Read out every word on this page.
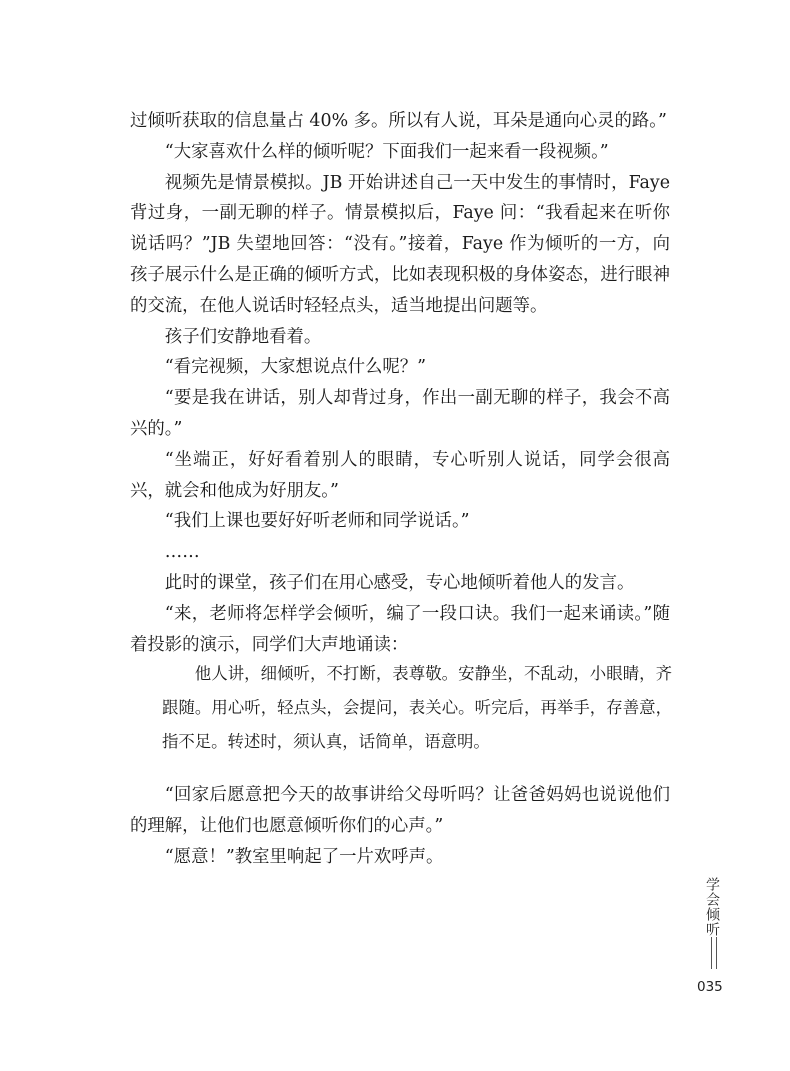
过倾听获取的信息量占 40% 多。所以有人说，耳朵是通向心灵的路。”

“大家喜欢什么样的倾听呢？下面我们一起来看一段视频。”

视频先是情景模拟。JB 开始讲述自己一天中发生的事情时，Faye 背过身，一副无聊的样子。情景模拟后，Faye 问：“我看起来在听你说话吗？”JB 失望地回答：“没有。”接着，Faye 作为倾听的一方，向孩子展示什么是正确的倾听方式，比如表现积极的身体姿态，进行眼神的交流，在他人说话时轻轻点头，适当地提出问题等。

孩子们安静地看着。

“看完视频，大家想说点什么呢？”

“要是我在讲话，别人却背过身，作出一副无聊的样子，我会不高兴的。”

“坐端正，好好看着别人的眼睛，专心听别人说话，同学会很高兴，就会和他成为好朋友。”

“我们上课也要好好听老师和同学说话。”

……

此时的课堂，孩子们在用心感受，专心地倾听着他人的发言。

“来，老师将怎样学会倾听，编了一段口诀。我们一起来诵读。”随着投影的演示，同学们大声地诵读：

他人讲，细倾听，不打断，表尊敬。安静坐，不乱动，小眼睛，齐跟随。用心听，轻点头，会提问，表关心。听完后，再举手，存善意，指不足。转述时，须认真，话简单，语意明。

“回家后愿意把今天的故事讲给父母听吗？让爸爸妈妈也说说他们的理解，让他们也愿意倾听你们的心声。”

“愿意！”教室里响起了一片欢呼声。

学会倾听
035
